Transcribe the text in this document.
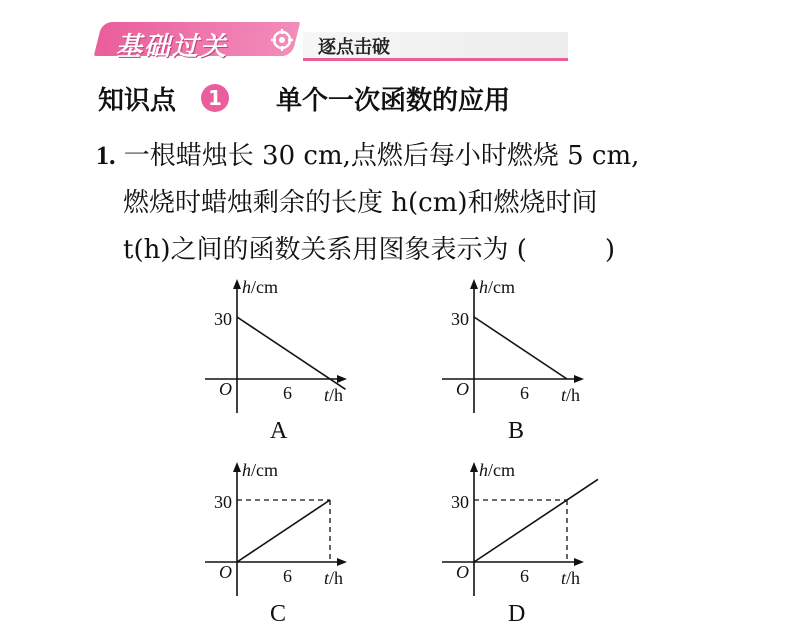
基础过关	逐点击破
知识点	1 单个一次函数的应用
1. 一根蜡烛长 30 cm,点燃后每小时燃烧 5 cm,
燃烧时蜡烛剩余的长度 h(cm)和燃烧时间
t(h)之间的函数关系用图象表示为 (　　　)
h/cm
t/h
O
30
6
A
h/cm
t/h
O
30
6
B
h/cm
t/h
O
30
6
C
h/cm
t/h
O
30
6
D
